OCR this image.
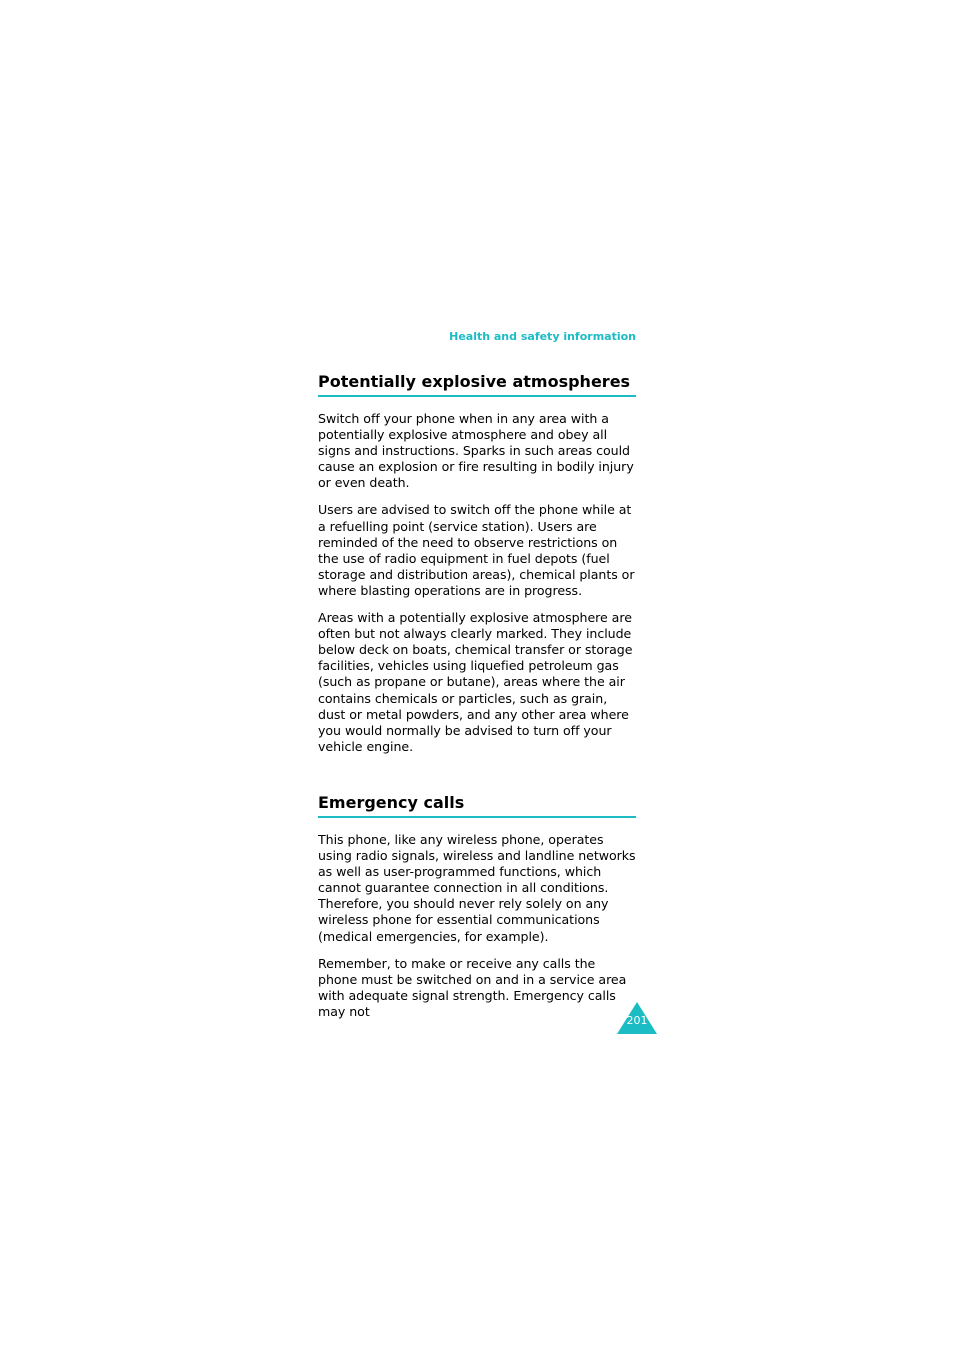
Health and safety information

Potentially explosive atmospheres

Switch off your phone when in any area with a potentially explosive atmosphere and obey all signs and instructions. Sparks in such areas could cause an explosion or fire resulting in bodily injury or even death.

Users are advised to switch off the phone while at a refuelling point (service station). Users are reminded of the need to observe restrictions on the use of radio equipment in fuel depots (fuel storage and distribution areas), chemical plants or where blasting operations are in progress.

Areas with a potentially explosive atmosphere are often but not always clearly marked. They include below deck on boats, chemical transfer or storage facilities, vehicles using liquefied petroleum gas (such as propane or butane), areas where the air contains chemicals or particles, such as grain, dust or metal powders, and any other area where you would normally be advised to turn off your vehicle engine.

Emergency calls

This phone, like any wireless phone, operates using radio signals, wireless and landline networks as well as user-programmed functions, which cannot guarantee connection in all conditions. Therefore, you should never rely solely on any wireless phone for essential communications (medical emergencies, for example).

Remember, to make or receive any calls the phone must be switched on and in a service area with adequate signal strength. Emergency calls may not

201
